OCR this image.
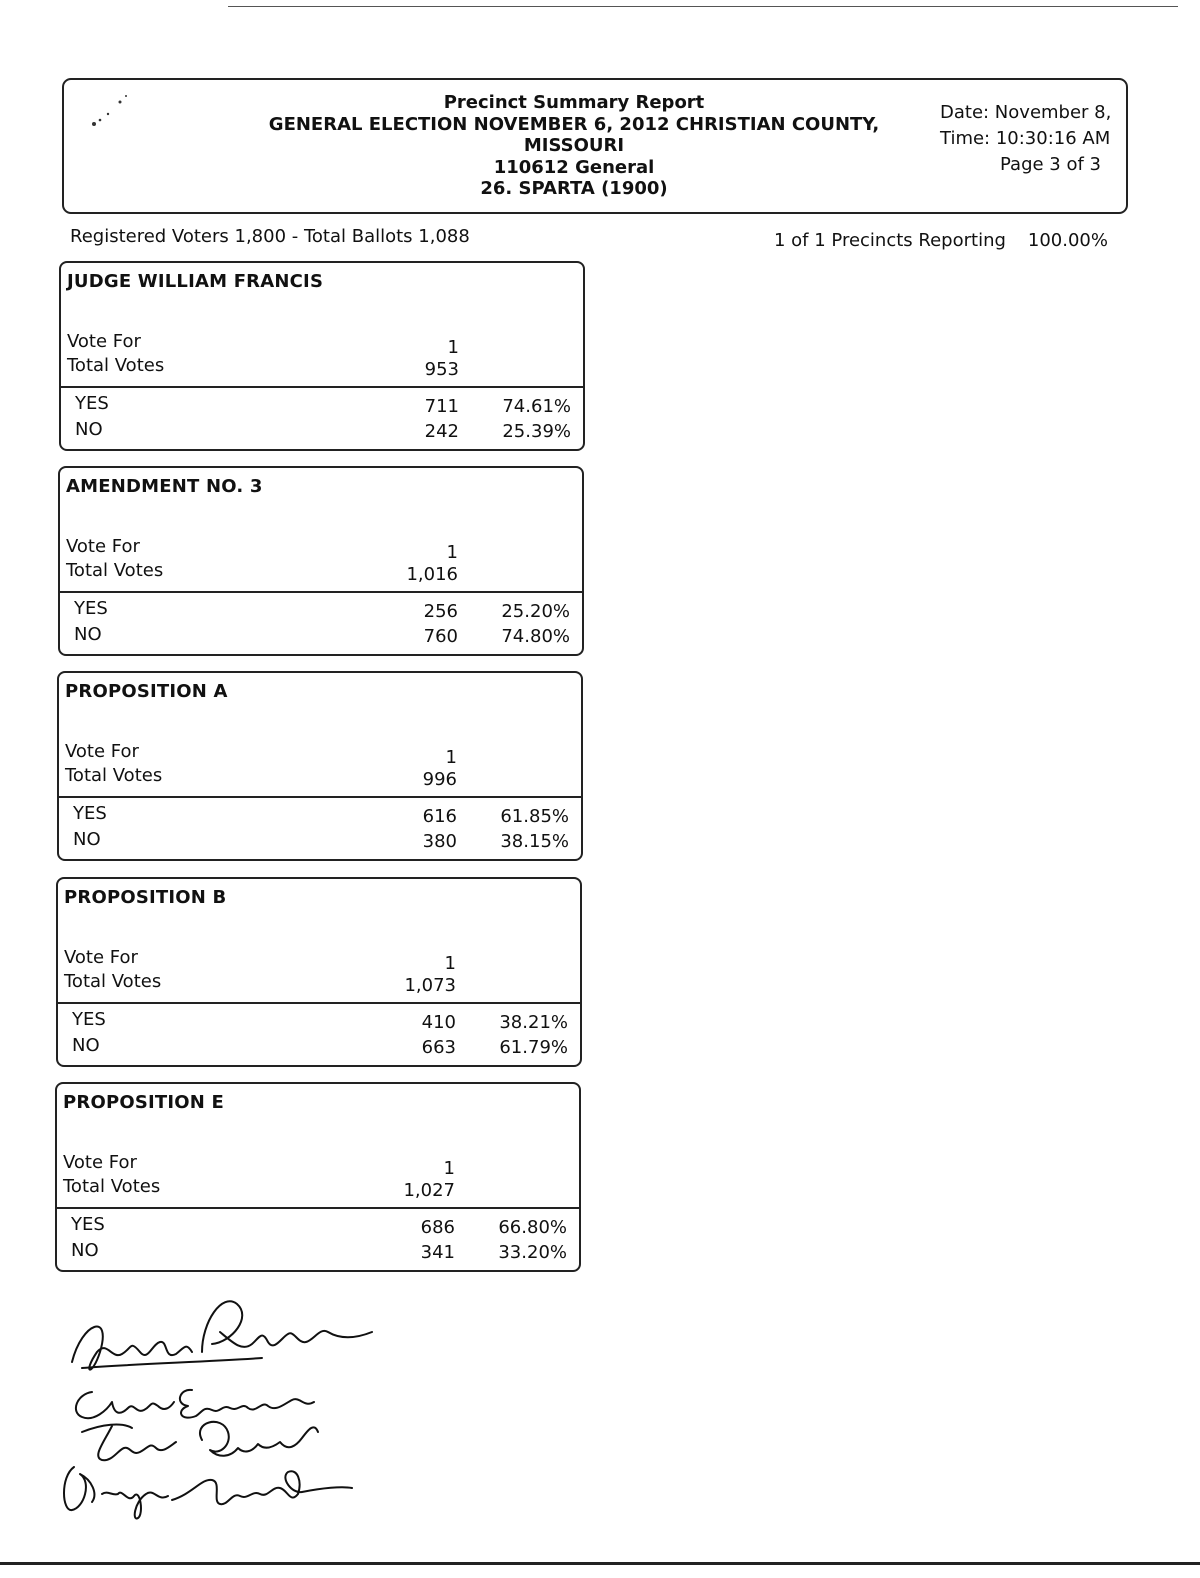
Precinct Summary Report
GENERAL ELECTION NOVEMBER 6, 2012 CHRISTIAN COUNTY,
MISSOURI
110612 General
26. SPARTA (1900)
Date: November 8,
Time: 10:30:16 AM
Page 3 of 3
Registered Voters 1,800 - Total Ballots 1,088	1 of 1 Precincts Reporting 100.00%
JUDGE WILLIAM FRANCIS
Vote For	1
Total Votes	953
YES	711 74.61%
NO	242 25.39%
AMENDMENT NO. 3
Vote For	1
Total Votes	1,016
YES	256 25.20%
NO	760 74.80%
PROPOSITION A
Vote For	1
Total Votes	996
YES	616 61.85%
NO	380 38.15%
PROPOSITION B
Vote For	1
Total Votes	1,073
YES	410 38.21%
NO	663 61.79%
PROPOSITION E
Vote For	1
Total Votes	1,027
YES	686 66.80%
NO	341 33.20%
